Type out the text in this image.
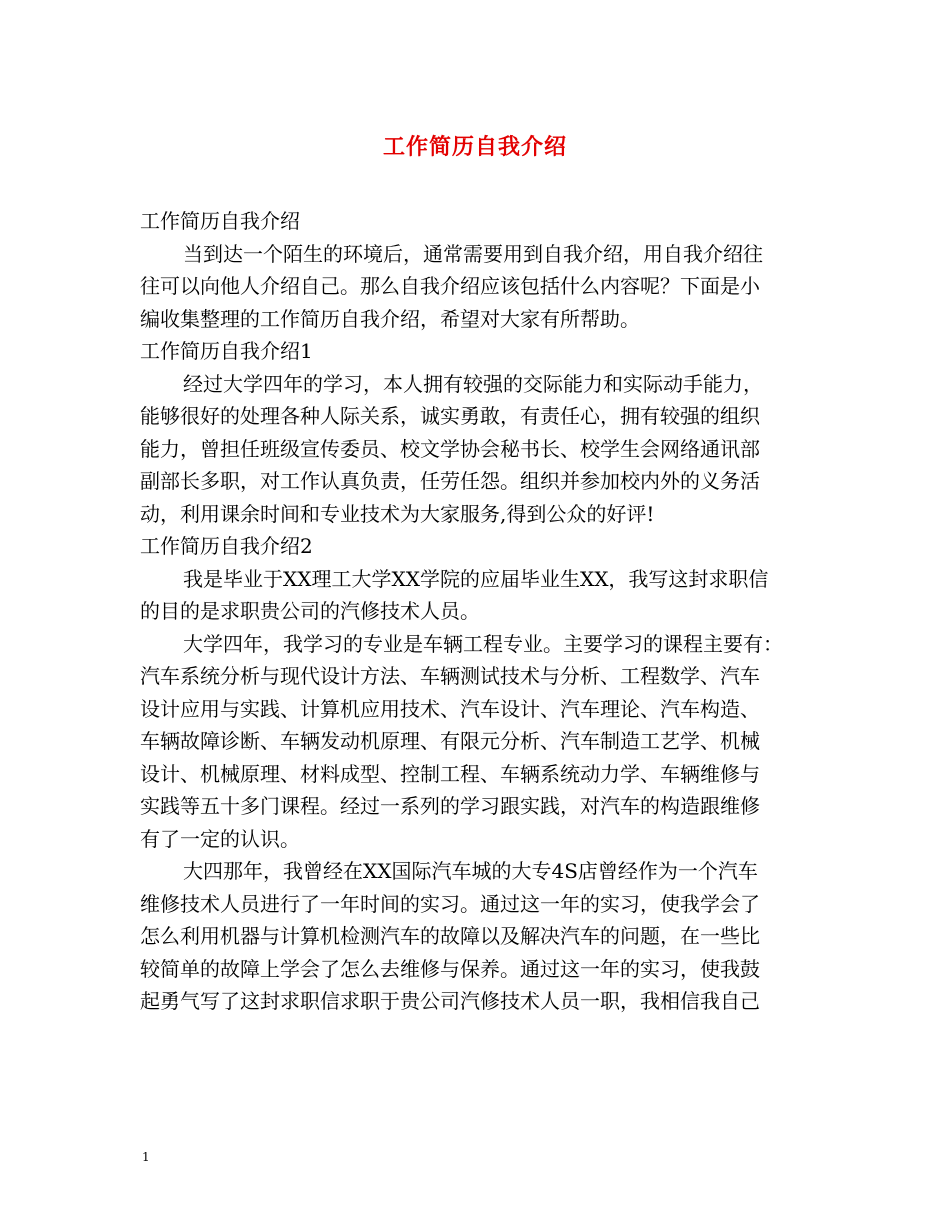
工作简历自我介绍
工作简历自我介绍
当到达一个陌生的环境后，通常需要用到自我介绍，用自我介绍往
往可以向他人介绍自己。那么自我介绍应该包括什么内容呢？下面是小
编收集整理的工作简历自我介绍，希望对大家有所帮助。
工作简历自我介绍1
经过大学四年的学习，本人拥有较强的交际能力和实际动手能力，
能够很好的处理各种人际关系，诚实勇敢，有责任心，拥有较强的组织
能力，曾担任班级宣传委员、校文学协会秘书长、校学生会网络通讯部
副部长多职，对工作认真负责，任劳任怨。组织并参加校内外的义务活
动，利用课余时间和专业技术为大家服务,得到公众的好评!
工作简历自我介绍2
我是毕业于XX理工大学XX学院的应届毕业生XX，我写这封求职信
的目的是求职贵公司的汽修技术人员。
大学四年，我学习的专业是车辆工程专业。主要学习的课程主要有：
汽车系统分析与现代设计方法、车辆测试技术与分析、工程数学、汽车
设计应用与实践、计算机应用技术、汽车设计、汽车理论、汽车构造、
车辆故障诊断、车辆发动机原理、有限元分析、汽车制造工艺学、机械
设计、机械原理、材料成型、控制工程、车辆系统动力学、车辆维修与
实践等五十多门课程。经过一系列的学习跟实践，对汽车的构造跟维修
有了一定的认识。
大四那年，我曾经在XX国际汽车城的大专4S店曾经作为一个汽车
维修技术人员进行了一年时间的实习。通过这一年的实习，使我学会了
怎么利用机器与计算机检测汽车的故障以及解决汽车的问题，在一些比
较简单的故障上学会了怎么去维修与保养。通过这一年的实习，使我鼓
起勇气写了这封求职信求职于贵公司汽修技术人员一职，我相信我自己
1
